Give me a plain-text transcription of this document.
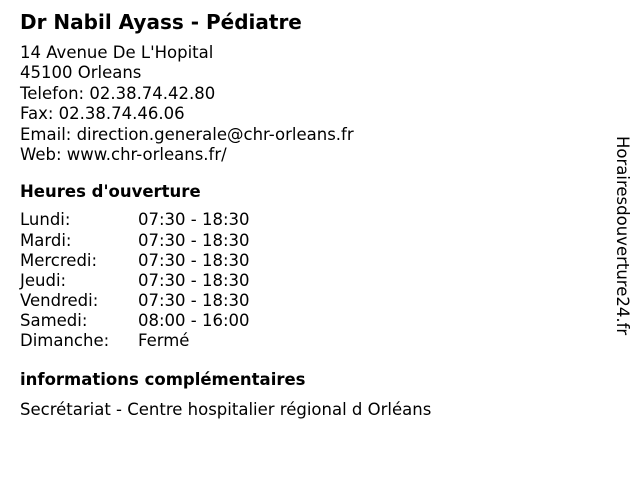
Dr Nabil Ayass - Pédiatre
14 Avenue De L'Hopital
45100 Orleans
Telefon: 02.38.74.42.80
Fax: 02.38.74.46.06
Email: direction.generale@chr-orleans.fr
Web: www.chr-orleans.fr/
Heures d'ouverture
Lundi:	07:30 - 18:30
Mardi:	07:30 - 18:30
Mercredi:	07:30 - 18:30
Jeudi:	07:30 - 18:30
Vendredi:	07:30 - 18:30
Samedi:	08:00 - 16:00
Dimanche:	Fermé
informations complémentaires
Secrétariat - Centre hospitalier régional d Orléans
Horairesdouverture24.fr
